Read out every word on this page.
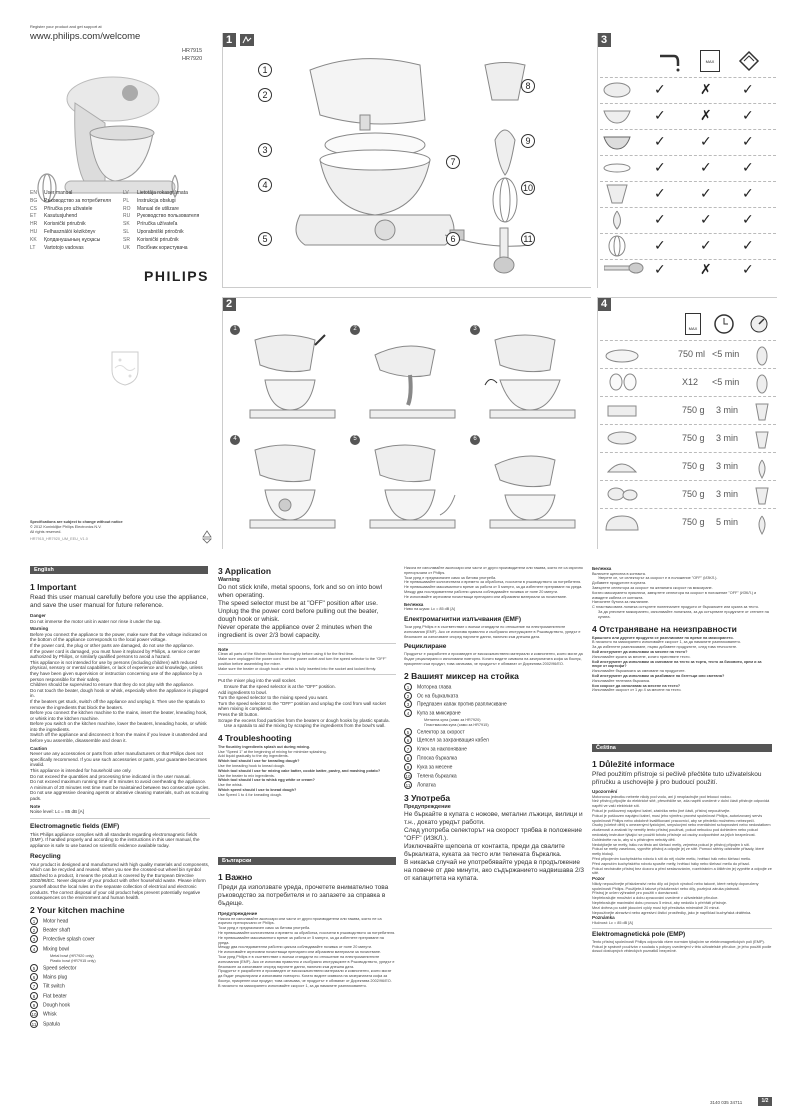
Register your product and get support at
www.philips.com/welcome
HR7915
HR7920
EN User manual
BG Ръководство за потребителя
CS Příručka pro uživatele
ET Kasutusjuhend
HR Korisnički priručnik
HU Felhasználói kézikönyv
KK Қолданушының нұсқасы
LT Vartotojo vadovas
LV Lietotāja rokasgrāmata
PL Instrukcja obsługi
RO Manual de utilizare
RU Руководство пользователя
SK Príručka užívateľa
SL Uporabniški priročnik
SR Korisnički priručnik
UK Посібник користувача
PHILIPS
Specifications are subject to change without notice
© 2012 Koninklijke Philips Electronics N.V.
All rights reserved.
HR7915_HR7920_UM_EEU_V1.0
1
1
2
3
4
5	6
7
8
9
10
11
3
MAX
✓ ✗ ✓
✓ ✗ ✓
✓ ✓ ✓
✓ ✓ ✓
✓ ✓ ✓
✓ ✓ ✓
✓ ✓ ✓
✓ ✗ ✓
2
1	2	3
4	5	6
4
MAX
750 ml <5 min
X12 <5 min
750 g 3 min
750 g 3 min
750 g 3 min
750 g 3 min
750 g 5 min
English
1 Important
Read this user manual carefully before you use the appliance, and save the user manual for future reference.
Danger
Do not immerse the motor unit in water nor rinse it under the tap.
Warning
Before you connect the appliance to the power, make sure that the voltage indicated on the bottom of the appliance corresponds to the local power voltage.
If the power cord, the plug or other parts are damaged, do not use the appliance.
If the power cord is damaged, you must have it replaced by Philips, a service center authorized by Philips, or similarly qualified persons to avoid a hazard.
This appliance is not intended for use by persons (including children) with reduced physical, sensory or mental capabilities, or lack of experience and knowledge, unless they have been given supervision or instruction concerning use of the appliance by a person responsible for their safety.
Children should be supervised to ensure that they do not play with the appliance.
Do not touch the beater, dough hook or whisk, especially when the appliance is plugged in.
If the beaters get stuck, switch off the appliance and unplug it. Then use the spatula to remove the ingredients that block the beaters.
Before you connect the kitchen machine to the mains, insert the beater, kneading hook, or whisk into the kitchen machine.
Before you switch on the kitchen machine, lower the beaters, kneading hooks, or whisk into the ingredients.
Switch off the appliance and disconnect it from the mains if you leave it unattended and before you assemble, disassemble and clean it.
Caution
Never use any accessories or parts from other manufacturers or that Philips does not specifically recommend. If you use such accessories or parts, your guarantee becomes invalid.
This appliance is intended for household use only.
Do not exceed the quantities and processing time indicated in the user manual.
Do not exceed maximum running time of 5 minutes to avoid overheating the appliance.
A minimum of 20 minutes rest time must be maintained between two consecutive cycles.
Do not use aggressive cleaning agents or abrasive cleaning materials, such as scouring pads.
Note
Noise level: Lc = 85 dB [A]
Electromagnetic fields (EMF)
This Philips appliance complies with all standards regarding electromagnetic fields (EMF). If handled properly and according to the instructions in this user manual, the appliance is safe to use based on scientific evidence available today.
Recycling
Your product is designed and manufactured with high quality materials and components, which can be recycled and reused. When you see the crossed-out wheel bin symbol attached to a product, it means the product is covered by the European Directive 2002/96/EC. Never dispose of your product with other household waste. Please inform yourself about the local rules on the separate collection of electrical and electronic products. The correct disposal of your old product helps prevent potentially negative consequences on the environment and human health.
2 Your kitchen machine
1 Motor head
2 Beater shaft
3 Protective splash cover
4 Mixing bowl
Metal bowl (HR7920 only)
Plastic bowl (HR7915 only)
5 Speed selector
6 Mains plug
7 Tilt switch
8 Flat beater
9 Dough hook
10 Whisk
11 Spatula
3 Application
Warning
Do not stick knife, metal spoons, fork and so on into bowl when operating.
The speed selector must be at "OFF" position after use.
Unplug the the power cord before pulling out the beater, dough hook or whisk.
Never operate the appliance over 2 minutes when the ingredient is over 2/3 bowl capacity.
Note
Clean all parts of the Kitchen Machine thoroughly before using it for the first time.
Make sure unplugged the power cord from the power outlet and turn the speed selector to the "OFF" position before assembling the mixer.
Make sure the beater or dough hook or whisk is fully inserted into the socket and locked firmly.
Put the mixer plug into the wall socket.
Ensure that the speed selector is at the "OFF" position.
Add ingredients to bowl.
Turn the speed selector to the mixing speed you want.
Turn the speed selector to the "OFF" position and unplug the cord from wall socket when mixing is completed.
Press the tilt button.
Scrape the excess food particles from the beaters or dough hooks by plastic spatula.
Use a spatula to aid the mixing by scraping the ingredients from the bowl's wall.
4 Troubleshooting
The flour/dry ingredients splash out during mixing.
Use "Speed 1" at the beginning of mixing for minimize splashing.
Add liquid gradually to the dry ingredients.
Which tool should I use for kneading dough?
Use the kneading hook to knead dough.
Which tool should I use for mixing cake batter, cookie batter, pastry, and mashing potato?
Use the beater to mix ingredients.
Which tool should I use to whisk egg white or cream?
Use the whisk.
Which speed should I use to knead dough?
Use Speed 1 to 4 for kneading dough.
Български
1 Важно
Преди да използвате уреда, прочетете внимателно това ръководство за потребителя и го запазете за справка в бъдеще.
Предупреждение
Никога не използвайте аксесоари или части от други производители или такива, които не са изрично препоръчани от Philips.
Този уред е предназначен само за битова употреба.
Не превишавайте количествата и времето за обработка, посочени в ръководството за потребителя.
Не превишавайте максималното време за работа от 5 минути, за да избегнете прегряване на уреда.
Между два последователни работни цикъла соблюдавайте почивка от поне 20 минути.
Не използвайте агресивни почистващи препарати или абразивни материали за почистване.
Този уред Philips е в съответствие с всички стандарти по отношение на електромагнитните излъчвания (EMF). Ако се използва правилно и съобразно инструкциите в Ръководството, уредът е безопасен за използване според научните данни, налични към днешна дата.
Продуктът е разработен и произведен от висококачествени материали и компоненти, които могат да бъдат рециклирани и използвани повторно. Когато видите символа на зачеркнатата кофа за боклук, прикрепен към продукт, това означава, че продуктът е обхванат от Директива 2002/96/ЕО.
В началото на миксирането използвайте скорост 1, за да намалите разплискването.
Никога не използвайте аксесоари или части от други производители или такива, които не са изрично препоръчани от Philips.
Този уред е предназначен само за битова употреба.
Не превишавайте количествата и времето за обработка, посочени в ръководството за потребителя.
Не превишавайте максималното време за работа от 5 минути, за да избегнете прегряване на уреда.
Между два последователни работни цикъла соблюдавайте почивка от поне 20 минути.
Не използвайте агресивни почистващи препарати или абразивни материали за почистване.
Бележка
Ниво на шума: Lc = 85 dB [A]
Електромагнитни излъчвания (EMF)
Този уред Philips е в съответствие с всички стандарти по отношение на електромагнитните излъчвания (EMF). Ако се използва правилно и съобразно инструкциите в Ръководството, уредът е безопасен за използване според научните данни, налични към днешна дата.
Рециклиране
Продуктът е разработен и произведен от висококачествени материали и компоненти, които могат да бъдат рециклирани и използвани повторно. Когато видите символа на зачеркнатата кофа за боклук, прикрепен към продукт, това означава, че продуктът е обхванат от Директива 2002/96/ЕО.
2 Вашият миксер на стойка
1 Моторна глава
2 Ос на бъркалката
3 Предпазен капак против разплискване
4 Купа за миксиране
Метална купа (само за HR7920)
Пластмасова купа (само за HR7915)
5 Селектор за скорост
6 Щепсел за захранващия кабел
7 Ключ за наклоняване
8 Плоска бъркалка
9 Кука за месене
10 Телена бъркалка
11 Лопатка
3 Употреба
Предупреждение
Не бъркайте в купата с ножове, метални лъжици, вилици и т.н., докато уредът работи.
След употреба селекторът на скорост трябва в положение "OFF" (ИЗКЛ.).
Изключвайте щепсела от контакта, преди да свалите бъркалката, куката за тесто или телената бъркалка.
В никакъв случай не употребявайте уреда в продължение на повече от две минути, ако съдържанието надвишава 2/3 от капацитета на купата.
Бележка
Включете щепсела в контакта.
Уверете се, че селекторът за скорост е в положение "OFF" (ИЗКЛ.).
Добавете продуктите в купата.
Завъртете селектора за скорост на желаната скорост на миксиране.
Когато миксирането приключи, завъртете селектора на скорост в положение "OFF" (ИЗКЛ.) и извадете кабела от контакта.
Натиснете бутона за накланяне.
С пластмасовата лопатка остъргете полепналите продукти от бъркалките или куката за тесто.
За да улесните миксирането, използвайте лопатката, за да остъргвате продуктите от стените на купата.
4 Отстраняване на неизправности
Брашното или другите продукти се разплискват по време на миксирането.
В началото на миксирането използвайте скорост 1, за да намалите разплискването.
За да избегнете разплискване, първо добавете продуктите, след това течностите.
Кой инструмент да използвам за месене на тесто?
Използвайте куката за месене, когато приготвяте тесто.
Кой инструмент да използвам за смесване на тесто за торта, тесто за бисквити, крем и за пюре от картофи?
Използвайте бъркалката за смесване на продуктите.
Кой инструмент да използвам за разбиване на белтъци или сметана?
Използвайте телената бъркалка.
Коя скорост да използвам за месене на тесто?
Използвайте скорост от 1 до 4 за месене на тесто.
Čeština
1 Důležité informace
Před použitím přístroje si pečlivě přečtěte tuto uživatelskou příručku a uschovejte ji pro budoucí použití.
Upozornění
Motorovou jednotku neberte nikdy pod vodu, ani ji neoplachujte pod tekoucí vodou.
Než přístroj připojíte do elektrické sítě, přesvědčte se, zda napětí uvedené v dolní části přístroje odpovídá napětí ve vaší elektrické síti.
Pokud je poškozený napájecí kabel, zástrčka nebo jiné části, přístroj nepoužívejte.
Pokud je poškozen napájecí kabel, musí jeho výměnu provést společnost Philips, autorizovaný servis společnosti Philips nebo obdobně kvalifikovaní pracovníci, aby se předešlo možnému nebezpečí.
Osoby (včetně dětí) s omezenými fyzickými, smyslovými nebo mentálními schopnostmi nebo nedostatkem zkušeností a znalostí by neměly tento přístroj používat, pokud nebudou pod dohledem nebo pokud nedostaly instrukce týkající se použití tohoto přístroje od osoby zodpovědné za jejich bezpečnost.
Dohlédněte na to, aby si s přístrojem nehrály děti.
Nedotýkejte se metly, háku na těsto ani šlehací metly, zejména pokud je přístroj připojen k síti.
Pokud se metly zaseknou, vypněte přístroj a odpojte jej ze sítě. Pomocí stěrky odstraňte přísady, které metly blokují.
Před připojením kuchyňského robotu k síti do něj vložte metlu, hnětací hák nebo šlehací metlu.
Před zapnutím kuchyňského robotu spusťte metly, hnětací háky nebo šlehací metlu do přísad.
Pokud necháváte přístroj bez dozoru a před sestavováním, rozebíráním a čištěním jej vypněte a odpojte ze sítě.
Pozor
Nikdy nepoužívejte příslušenství nebo díly od jiných výrobců nebo takové, které nebyly doporučeny společností Philips. Použijete-li takové příslušenství nebo díly, pozbývá záruka platnosti.
Přístroj je určen výhradně pro použití v domácnosti.
Nepřekračujte množství a dobu zpracování uvedené v uživatelské příručce.
Nepřekračujte maximální dobu provozu 5 minut, aby nedošlo k přehřátí přístroje.
Mezi dvěma po sobě jdoucími cykly musí být přestávka minimálně 20 minut.
Nepoužívejte abrazivní nebo agresivní čisticí prostředky, jako je například kuchyňská drátěnka.
Poznámka
Hlučnost: Lc = 85 dB [A]
Elektromagnetická pole (EMP)
Tento přístroj společnosti Philips odpovídá všem normám týkajícím se elektromagnetických polí (EMP). Pokud je správně používán v souladu s pokyny uvedenými v této uživatelské příručce, je jeho použití podle dosud dostupných vědeckých poznatků bezpečné.
3140 035 34711	1/2
